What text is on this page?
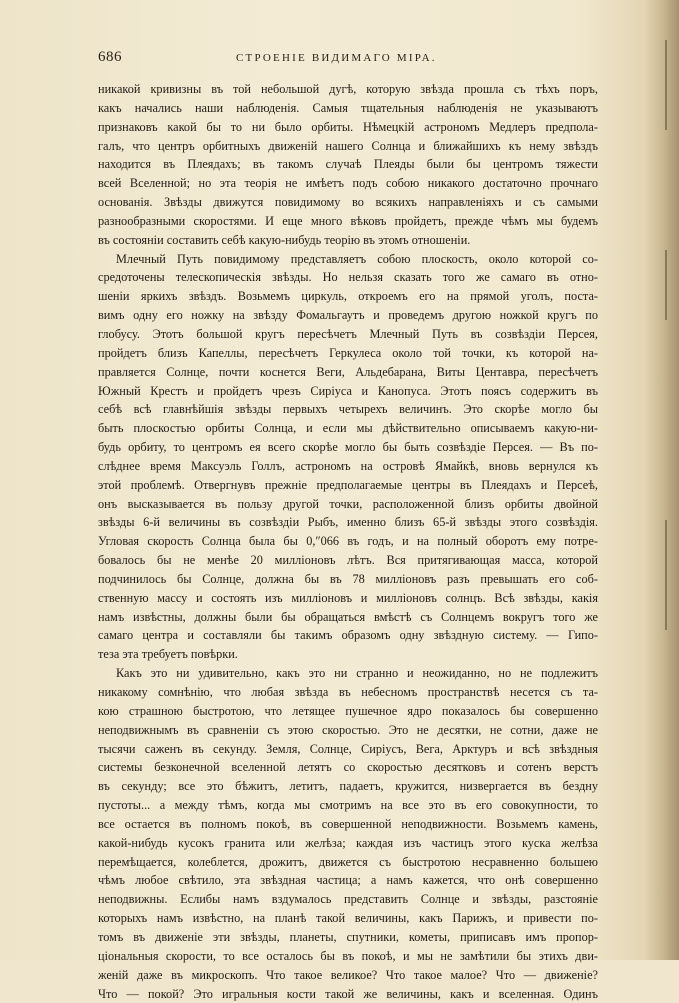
686	СТРОЕНІЕ ВИДИМАГО МІРА.
никакой кривизны въ той небольшой дугѣ, которую звѣзда прошла съ тѣхъ поръ,
какъ начались наши наблюденія. Самыя тщательныя наблюденія не указываютъ
признаковъ какой бы то ни было орбиты. Нѣмецкій астрономъ Медлеръ предпола-
галъ, что центръ орбитныхъ движеній нашего Солнца и ближайшихъ къ нему звѣздъ
находится въ Плеядахъ; въ такомъ случаѣ Плеяды были бы центромъ тяжести
всей Вселенной; но эта теорія не имѣетъ подъ собою никакого достаточно прочнаго
основанія. Звѣзды движутся повидимому во всякихъ направленіяхъ и съ самыми
разнообразными скоростями. И еще много вѣковъ пройдетъ, прежде чѣмъ мы будемъ
въ состояніи составить себѣ какую-нибудь теорію въ этомъ отношеніи.
Млечный Путь повидимому представляетъ собою плоскость, около которой со-
средоточены телескопическія звѣзды. Но нельзя сказать того же самаго въ отно-
шеніи яркихъ звѣздъ. Возьмемъ циркуль, откроемъ его на прямой уголъ, поста-
вимъ одну его ножку на звѣзду Фомальгаутъ и проведемъ другою ножкой кругъ по
глобусу. Этотъ большой кругъ пересѣчетъ Млечный Путь въ созвѣздіи Персея,
пройдетъ близъ Капеллы, пересѣчетъ Геркулеса около той точки, къ которой на-
правляется Солнце, почти коснется Веги, Альдебарана, Виты Центавра, пересѣчетъ
Южный Крестъ и пройдетъ чрезъ Сиріуса и Канопуса. Этотъ поясъ содержитъ въ
себѣ всѣ главнѣйшія звѣзды первыхъ четырехъ величинъ. Это скорѣе могло бы
быть плоскостью орбиты Солнца, и если мы дѣйствительно описываемъ какую-ни-
будь орбиту, то центромъ ея всего скорѣе могло бы быть созвѣздіе Персея. — Въ по-
слѣднее время Максуэль Голлъ, астрономъ на островѣ Ямайкѣ, вновь вернулся къ
этой проблемѣ. Отвергнувъ прежніе предполагаемые центры въ Плеядахъ и Персеѣ,
онъ высказывается въ пользу другой точки, расположенной близъ орбиты двойной
звѣзды 6-й величины въ созвѣздіи Рыбъ, именно близъ 65-й звѣзды этого созвѣздія.
Угловая скорость Солнца была бы 0,″066 въ годъ, и на полный оборотъ ему потре-
бовалось бы не менѣе 20 милліоновъ лѣтъ. Вся притягивающая масса, которой
подчинилось бы Солнце, должна бы въ 78 милліоновъ разъ превышать его соб-
ственную массу и состоять изъ милліоновъ и милліоновъ солнцъ. Всѣ звѣзды, какія
намъ извѣстны, должны были бы обращаться вмѣстѣ съ Солнцемъ вокругъ того же
самаго центра и составляли бы такимъ образомъ одну звѣздную систему. — Гипо-
теза эта требуетъ повѣрки.
Какъ это ни удивительно, какъ это ни странно и неожиданно, но не подлежитъ
никакому сомнѣнію, что любая звѣзда въ небесномъ пространствѣ несется съ та-
кою страшною быстротою, что летящее пушечное ядро показалось бы совершенно
неподвижнымъ въ сравненіи съ этою скоростью. Это не десятки, не сотни, даже не
тысячи саженъ въ секунду. Земля, Солнце, Сиріусъ, Вега, Арктуръ и всѣ звѣздныя
системы безконечной вселенной летятъ со скоростью десятковъ и сотенъ верстъ
въ секунду; все это бѣжитъ, летитъ, падаетъ, кружится, низвергается въ бездну
пустоты... а между тѣмъ, когда мы смотримъ на все это въ его совокупности, то
все остается въ полномъ покоѣ, въ совершенной неподвижности. Возьмемъ камень,
какой-нибудь кусокъ гранита или желѣза; каждая изъ частицъ этого куска желѣза
перемѣщается, колеблется, дрожитъ, движется съ быстротою несравненно большею
чѣмъ любое свѣтило, эта звѣздная частица; а намъ кажется, что онѣ совершенно
неподвижны. Еслибы намъ вздумалось представить Солнце и звѣзды, разстояніе
которыхъ намъ извѣстно, на планѣ такой величины, какъ Парижъ, и привести по-
томъ въ движеніе эти звѣзды, планеты, спутники, кометы, приписавъ имъ пропор-
ціональныя скорости, то все осталось бы въ покоѣ, и мы не замѣтили бы этихъ дви-
женій даже въ микроскопъ. Что такое великое? Что такое малое? Что — движеніе?
Что — покой? Это игральныя кости такой же величины, какъ и вселенная. Одинъ
